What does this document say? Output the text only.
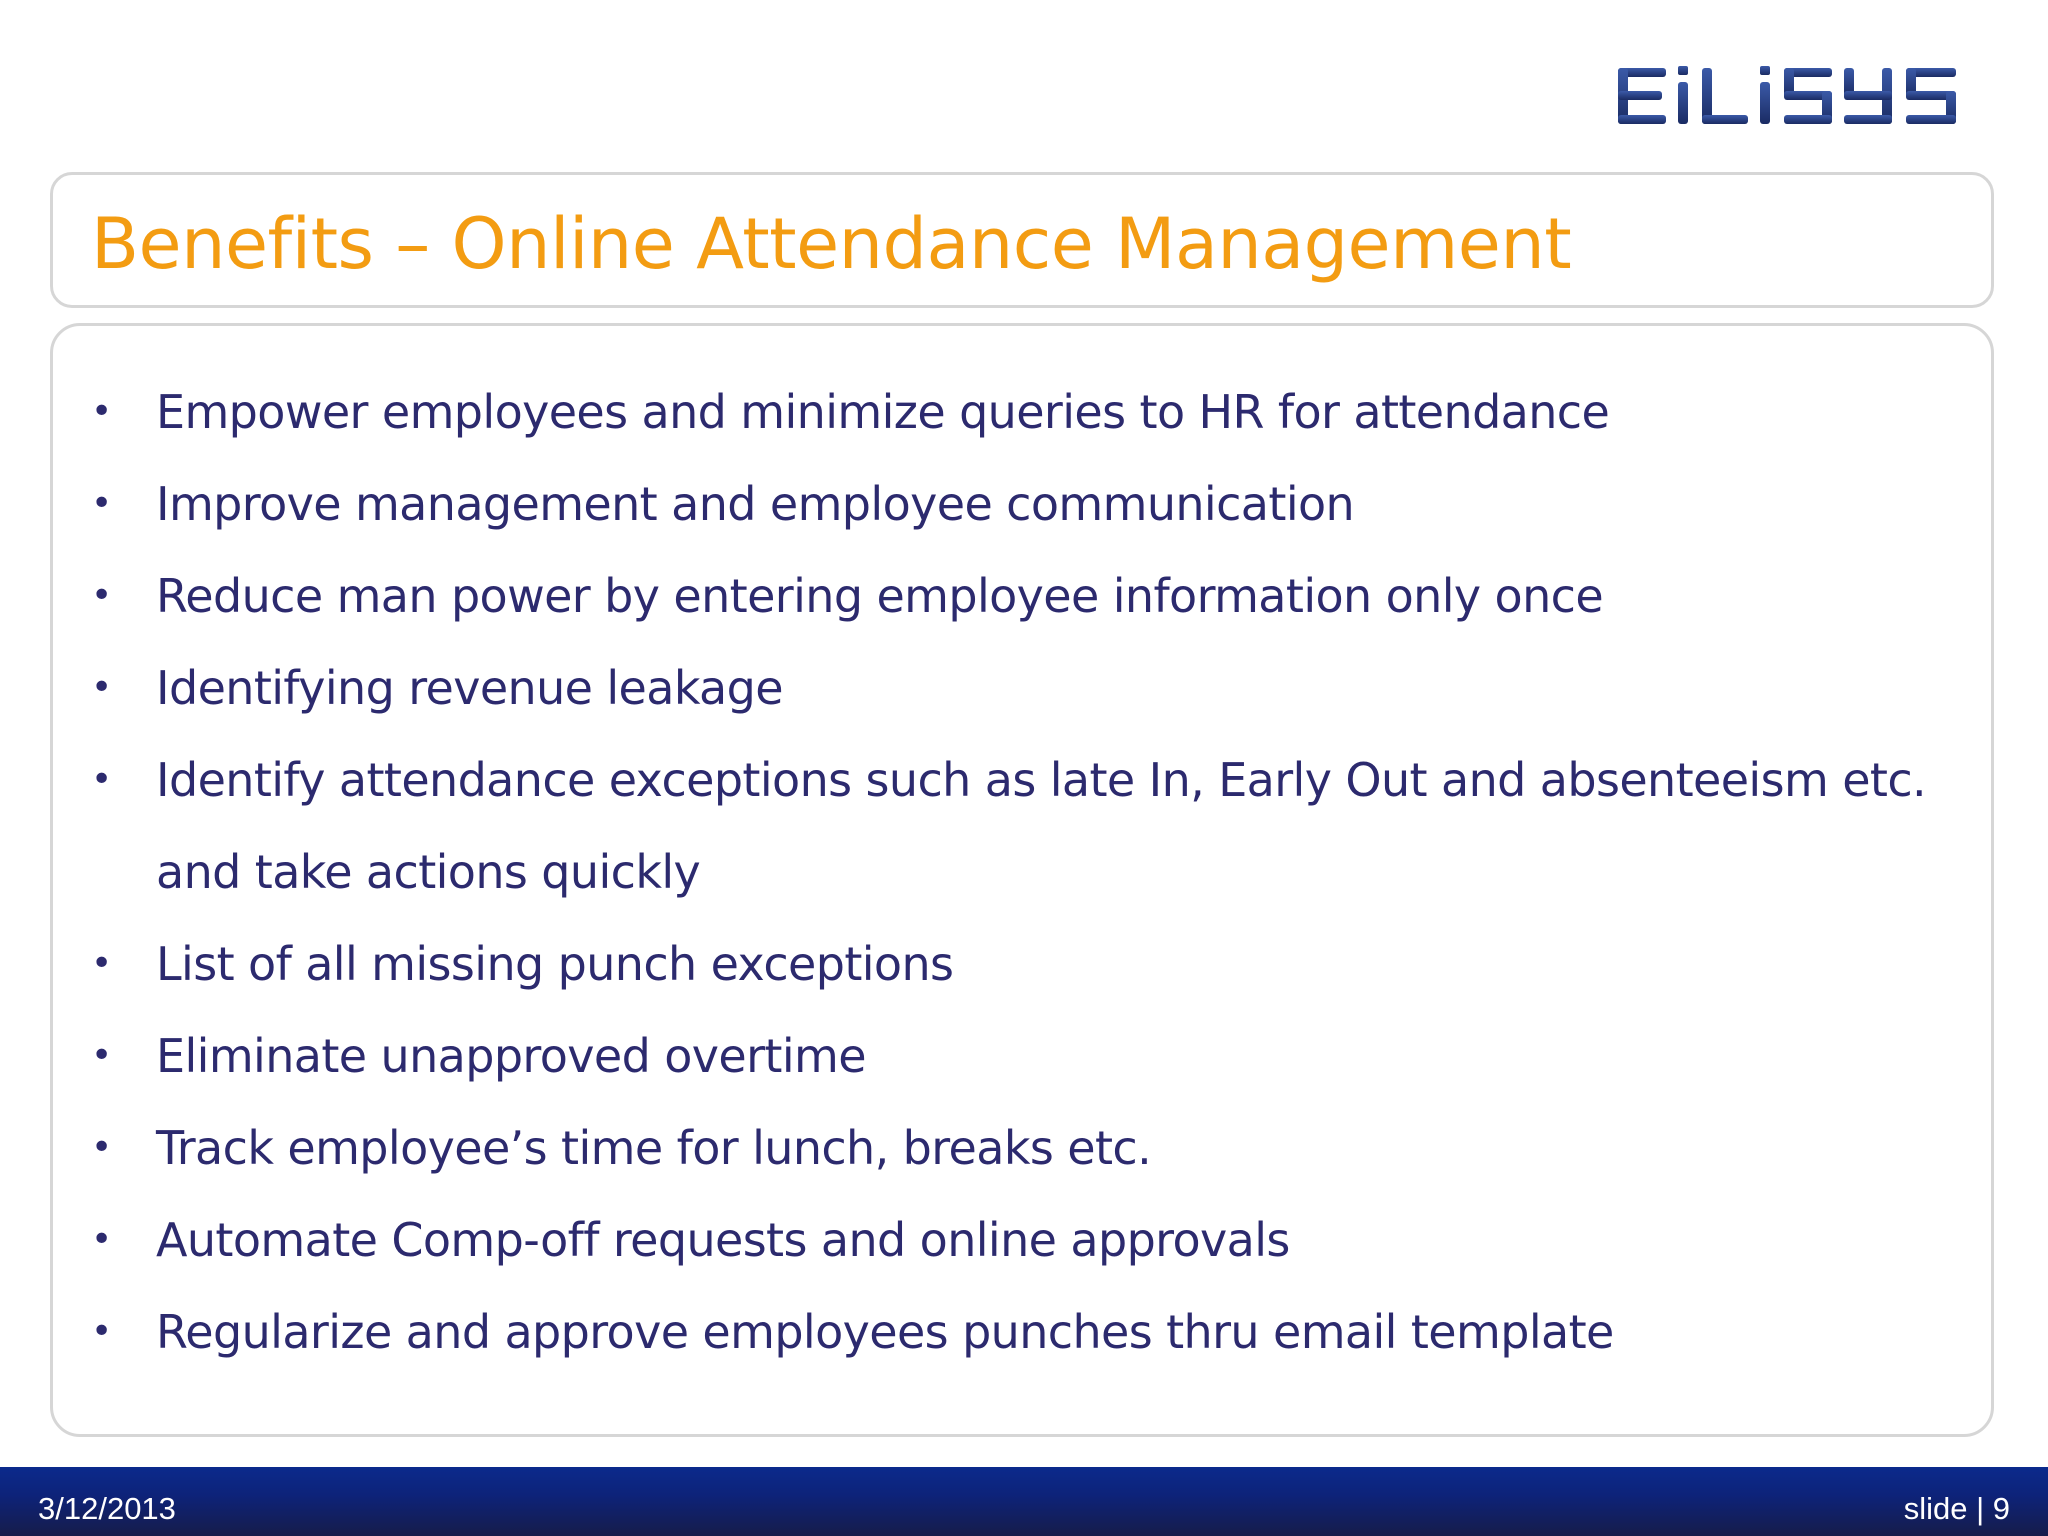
Benefits – Online Attendance Management
• Empower employees and minimize queries to HR for attendance
• Improve management and employee communication
• Reduce man power by entering employee information only once
• Identifying revenue leakage
• Identify attendance exceptions such as late In, Early Out and absenteeism etc. and take actions quickly
• List of all missing punch exceptions
• Eliminate unapproved overtime
• Track employee’s time for lunch, breaks etc.
• Automate Comp-off requests and online approvals
• Regularize and approve employees punches thru email template
3/12/2013	slide | 9
